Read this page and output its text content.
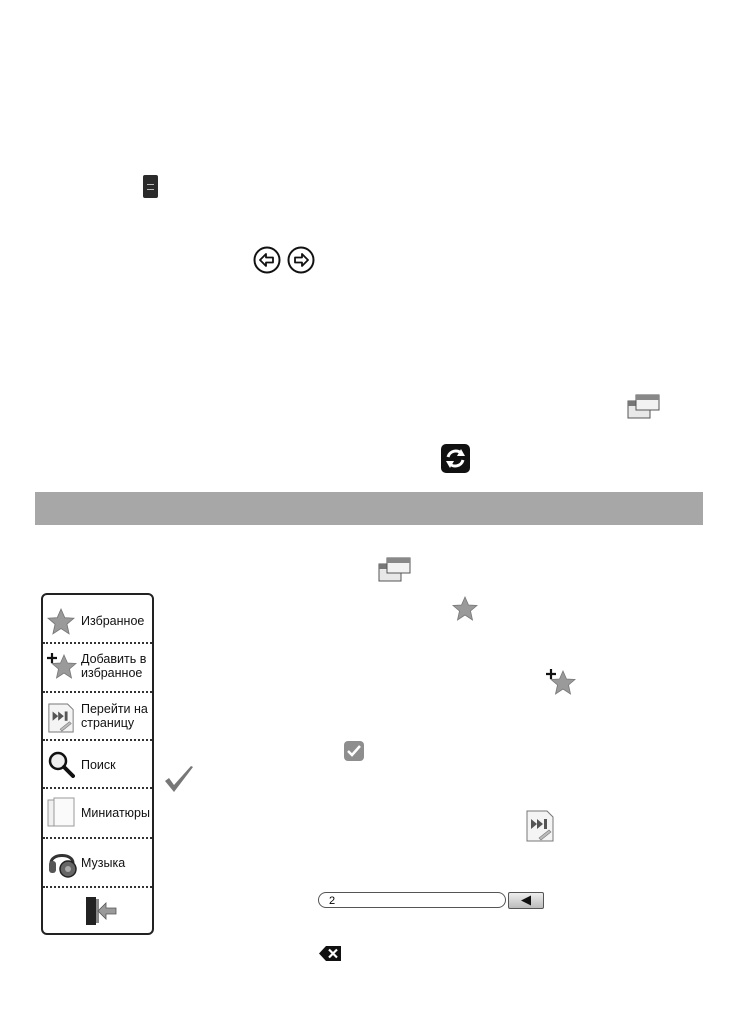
2
Избранное
Добавить в
избранное
Перейти на
страницу
Поиск
Миниатюры
Музыка
